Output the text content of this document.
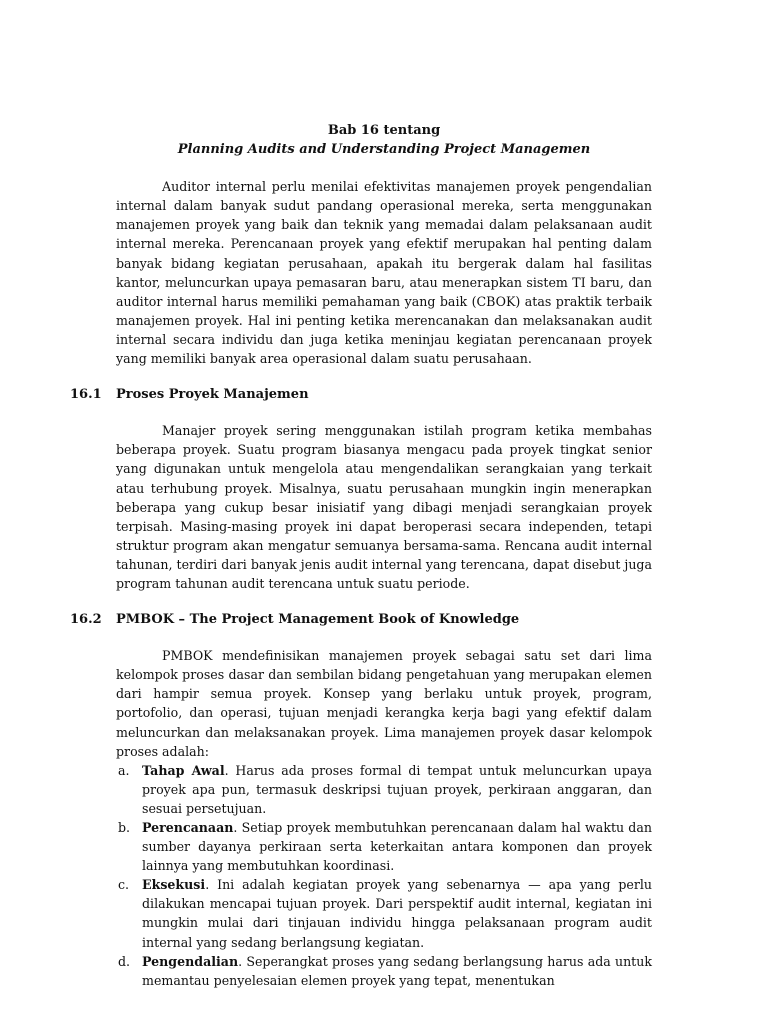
Bab 16 tentang

Planning Audits and Understanding Project Managemen

Auditor internal perlu menilai efektivitas manajemen proyek pengendalian internal dalam banyak sudut pandang operasional mereka, serta menggunakan manajemen proyek yang baik dan teknik yang memadai dalam pelaksanaan audit internal mereka. Perencanaan proyek yang efektif merupakan hal penting dalam banyak bidang kegiatan perusahaan, apakah itu bergerak dalam hal fasilitas kantor, meluncurkan upaya pemasaran baru, atau menerapkan sistem TI baru, dan auditor internal harus memiliki pemahaman yang baik (CBOK) atas praktik terbaik manajemen proyek. Hal ini penting ketika merencanakan dan melaksanakan audit internal secara individu dan juga ketika meninjau kegiatan perencanaan proyek yang memiliki banyak area operasional dalam suatu perusahaan.

16.1 Proses Proyek Manajemen

Manajer proyek sering menggunakan istilah program ketika membahas beberapa proyek. Suatu program biasanya mengacu pada proyek tingkat senior yang digunakan untuk mengelola atau mengendalikan serangkaian yang terkait atau terhubung proyek. Misalnya, suatu perusahaan mungkin ingin menerapkan beberapa yang cukup besar inisiatif yang dibagi menjadi serangkaian proyek terpisah. Masing-masing proyek ini dapat beroperasi secara independen, tetapi struktur program akan mengatur semuanya bersama-sama. Rencana audit internal tahunan, terdiri dari banyak jenis audit internal yang terencana, dapat disebut juga program tahunan audit terencana untuk suatu periode.

16.2 PMBOK – The Project Management Book of Knowledge

PMBOK mendefinisikan manajemen proyek sebagai satu set dari lima kelompok proses dasar dan sembilan bidang pengetahuan yang merupakan elemen dari hampir semua proyek. Konsep yang berlaku untuk proyek, program, portofolio, dan operasi, tujuan menjadi kerangka kerja bagi yang efektif dalam meluncurkan dan melaksanakan proyek. Lima manajemen proyek dasar kelompok proses adalah:

a. Tahap Awal. Harus ada proses formal di tempat untuk meluncurkan upaya proyek apa pun, termasuk deskripsi tujuan proyek, perkiraan anggaran, dan sesuai persetujuan.
b. Perencanaan. Setiap proyek membutuhkan perencanaan dalam hal waktu dan sumber dayanya perkiraan serta keterkaitan antara komponen dan proyek lainnya yang membutuhkan koordinasi.
c. Eksekusi. Ini adalah kegiatan proyek yang sebenarnya — apa yang perlu dilakukan mencapai tujuan proyek. Dari perspektif audit internal, kegiatan ini mungkin mulai dari tinjauan individu hingga pelaksanaan program audit internal yang sedang berlangsung kegiatan.
d. Pengendalian. Seperangkat proses yang sedang berlangsung harus ada untuk memantau penyelesaian elemen proyek yang tepat, menentukan
